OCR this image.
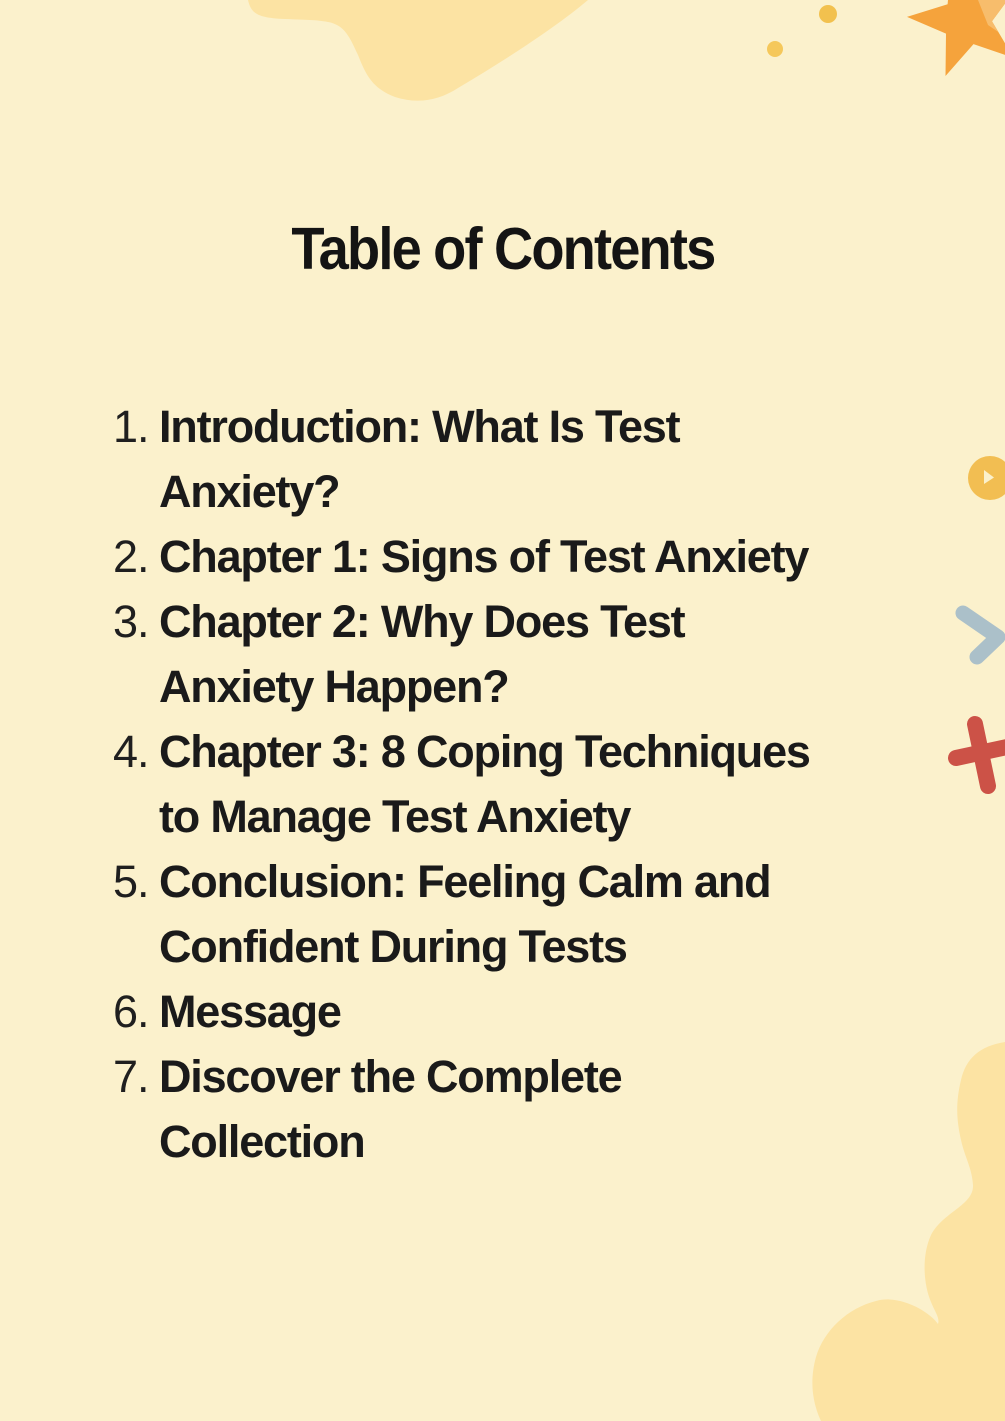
Table of Contents
1. Introduction: What Is Test
Anxiety?
2. Chapter 1: Signs of Test Anxiety
3. Chapter 2: Why Does Test
Anxiety Happen?
4. Chapter 3: 8 Coping Techniques
to Manage Test Anxiety
5. Conclusion: Feeling Calm and
Confident During Tests
6. Message
7. Discover the Complete
Collection
